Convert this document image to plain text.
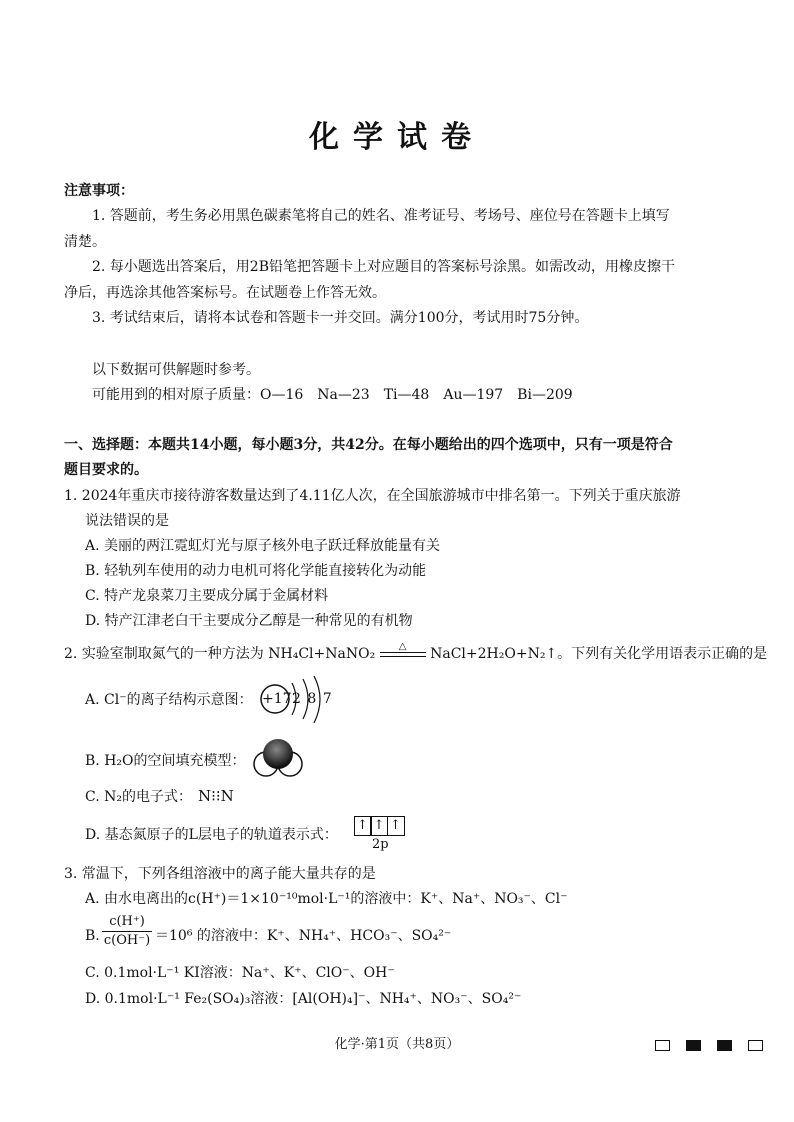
化学试卷
注意事项：
1. 答题前，考生务必用黑色碳素笔将自己的姓名、准考证号、考场号、座位号在答题卡上填写
清楚。
2. 每小题选出答案后，用2B铅笔把答题卡上对应题目的答案标号涂黑。如需改动，用橡皮擦干
净后，再选涂其他答案标号。在试题卷上作答无效。
3. 考试结束后，请将本试卷和答题卡一并交回。满分100分，考试用时75分钟。
以下数据可供解题时参考。
可能用到的相对原子质量：O—16　Na—23　Ti—48　Au—197　Bi—209
一、选择题：本题共14小题，每小题3分，共42分。在每小题给出的四个选项中，只有一项是符合
题目要求的。
1. 2024年重庆市接待游客数量达到了4.11亿人次，在全国旅游城市中排名第一。下列关于重庆旅游
说法错误的是
A. 美丽的两江霓虹灯光与原子核外电子跃迁释放能量有关
B. 轻轨列车使用的动力电机可将化学能直接转化为动能
C. 特产龙泉菜刀主要成分属于金属材料
D. 特产江津老白干主要成分乙醇是一种常见的有机物
2. 实验室制取氮气的一种方法为 NH₄Cl+NaNO₂	△	NaCl+2H₂O+N₂↑。下列有关化学用语表示正确的是
A. Cl⁻的离子结构示意图： +17 2 8 7
B. H₂O的空间填充模型：
C. N₂的电子式： N⁝⁝N
D. 基态氮原子的L层电子的轨道表示式：
↑ ↑ ↑
2p
3. 常温下，下列各组溶液中的离子能大量共存的是
A. 由水电离出的c(H⁺)＝1×10⁻¹⁰mol·L⁻¹的溶液中：K⁺、Na⁺、NO₃⁻、Cl⁻
B.
c(H⁺)
c(OH⁻) ＝10⁶ 的溶液中：K⁺、NH₄⁺、HCO₃⁻、SO₄²⁻
C. 0.1mol·L⁻¹ KI溶液：Na⁺、K⁺、ClO⁻、OH⁻
D. 0.1mol·L⁻¹ Fe₂(SO₄)₃溶液：[Al(OH)₄]⁻、NH₄⁺、NO₃⁻、SO₄²⁻
化学·第1页（共8页）
